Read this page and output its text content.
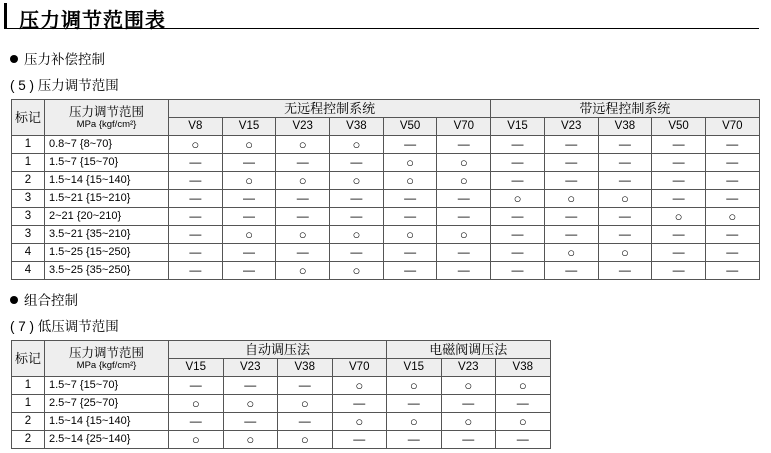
压力调节范围表
压力补偿控制
( 5 ) 压力调节范围
标记	压力调节范围
MPa {kgf/cm²}	无远程控制系统						带远程控制系统				
		V8	V15	V23	V38	V50	V70	V15	V23	V38	V50	V70
1	0.8~7 {8~70}	○	○	○	○	—	—	—	—	—	—	—
1	1.5~7 {15~70}	—	—	—	—	○	○	—	—	—	—	—
2	1.5~14 {15~140}	—	○	○	○	○	○	—	—	—	—	—
3	1.5~21 {15~210}	—	—	—	—	—	—	○	○	○	—	—
3	2~21 {20~210}	—	—	—	—	—	—	—	—	—	○	○
3	3.5~21 {35~210}	—	○	○	○	○	○	—	—	—	—	—
4	1.5~25 {15~250}	—	—	—	—	—	—	—	○	○	—	—
4	3.5~25 {35~250}	—	—	○	○	—	—	—	—	—	—	—
组合控制
( 7 ) 低压调节范围
标记	压力调节范围
MPa {kgf/cm²}	自动调压法				电磁阀调压法		
		V15	V23	V38	V70	V15	V23	V38
1	1.5~7 {15~70}	—	—	—	○	○	○	○
1	2.5~7 {25~70}	○	○	○	—	—	—	—
2	1.5~14 {15~140}	—	—	—	○	○	○	○
2	2.5~14 {25~140}	○	○	○	—	—	—	—
